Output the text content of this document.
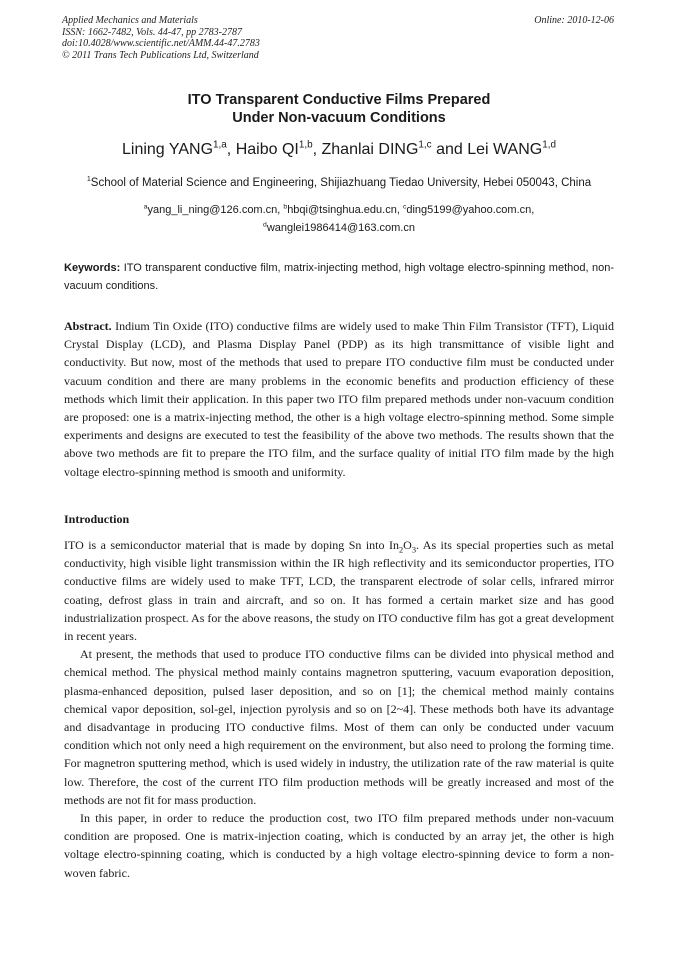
Applied Mechanics and Materials
ISSN: 1662-7482, Vols. 44-47, pp 2783-2787
doi:10.4028/www.scientific.net/AMM.44-47.2783
© 2011 Trans Tech Publications Ltd, Switzerland
Online: 2010-12-06
ITO Transparent Conductive Films Prepared
Under Non-vacuum Conditions
Lining YANG$^{1,a}$, Haibo QI$^{1,b}$, Zhanlai DING$^{1,c}$ and Lei WANG$^{1,d}$
$^1$School of Material Science and Engineering, Shijiazhuang Tiedao University, Hebei 050043, China
$^a$yang_li_ning@126.com.cn, $^b$hbqi@tsinghua.edu.cn, $^c$ding5199@yahoo.com.cn,
$^d$wanglei1986414@163.com.cn
Keywords: ITO transparent conductive film, matrix-injecting method, high voltage electro-spinning method, non-vacuum conditions.
Abstract. Indium Tin Oxide (ITO) conductive films are widely used to make Thin Film Transistor (TFT), Liquid Crystal Display (LCD), and Plasma Display Panel (PDP) as its high transmittance of visible light and conductivity. But now, most of the methods that used to prepare ITO conductive film must be conducted under vacuum condition and there are many problems in the economic benefits and production efficiency of these methods which limit their application. In this paper two ITO film prepared methods under non-vacuum condition are proposed: one is a matrix-injecting method, the other is a high voltage electro-spinning method. Some simple experiments and designs are executed to test the feasibility of the above two methods. The results shown that the above two methods are fit to prepare the ITO film, and the surface quality of initial ITO film made by the high voltage electro-spinning method is smooth and uniformity.
Introduction

ITO is a semiconductor material that is made by doping Sn into $In_2O_3$. As its special properties such as metal conductivity, high visible light transmission within the IR high reflectivity and its semiconductor properties, ITO conductive films are widely used to make TFT, LCD, the transparent electrode of solar cells, infrared mirror coating, defrost glass in train and aircraft, and so on. It has formed a certain market size and has good industrialization prospect. As for the above reasons, the study on ITO conductive film has got a great development in recent years.

At present, the methods that used to produce ITO conductive films can be divided into physical method and chemical method. The physical method mainly contains magnetron sputtering, vacuum evaporation deposition, plasma-enhanced deposition, pulsed laser deposition, and so on [1]; the chemical method mainly contains chemical vapor deposition, sol-gel, injection pyrolysis and so on [2~4]. These methods both have its advantage and disadvantage in producing ITO conductive films. Most of them can only be conducted under vacuum condition which not only need a high requirement on the environment, but also need to prolong the forming time. For magnetron sputtering method, which is used widely in industry, the utilization rate of the raw material is quite low. Therefore, the cost of the current ITO film production methods will be greatly increased and most of the methods are not fit for mass production.

In this paper, in order to reduce the production cost, two ITO film prepared methods under non-vacuum condition are proposed. One is matrix-injection coating, which is conducted by an array jet, the other is high voltage electro-spinning coating, which is conducted by a high voltage electro-spinning device to form a non-woven fabric.
